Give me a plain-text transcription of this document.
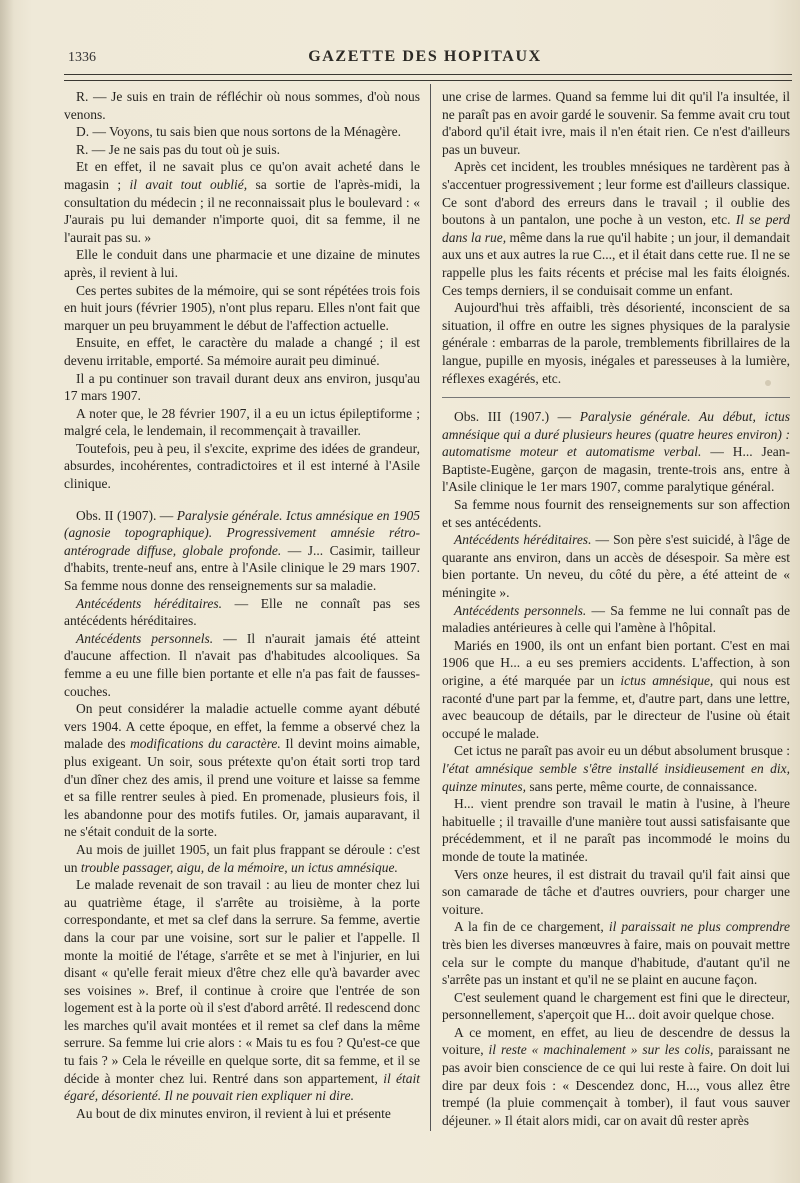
1336	GAZETTE DES HOPITAUX

R. — Je suis en train de réfléchir où nous sommes, d'où nous venons.

D. — Voyons, tu sais bien que nous sortons de la Ménagère.

R. — Je ne sais pas du tout où je suis.

Et en effet, il ne savait plus ce qu'on avait acheté dans le magasin ; il avait tout oublié, sa sortie de l'après-midi, la consultation du médecin ; il ne reconnaissait plus le boulevard : « J'aurais pu lui demander n'importe quoi, dit sa femme, il ne l'aurait pas su. »

Elle le conduit dans une pharmacie et une dizaine de minutes après, il revient à lui.

Ces pertes subites de la mémoire, qui se sont répétées trois fois en huit jours (février 1905), n'ont plus reparu. Elles n'ont fait que marquer un peu bruyamment le début de l'affection actuelle.

Ensuite, en effet, le caractère du malade a changé ; il est devenu irritable, emporté. Sa mémoire aurait peu diminué.

Il a pu continuer son travail durant deux ans environ, jusqu'au 17 mars 1907.

A noter que, le 28 février 1907, il a eu un ictus épileptiforme ; malgré cela, le lendemain, il recommençait à travailler.

Toutefois, peu à peu, il s'excite, exprime des idées de grandeur, absurdes, incohérentes, contradictoires et il est interné à l'Asile clinique.

Obs. II (1907). — Paralysie générale. Ictus amnésique en 1905 (agnosie topographique). Progressivement amnésie rétro-antérograde diffuse, globale profonde. — J... Casimir, tailleur d'habits, trente-neuf ans, entre à l'Asile clinique le 29 mars 1907. Sa femme nous donne des renseignements sur sa maladie.

Antécédents héréditaires. — Elle ne connaît pas ses antécédents héréditaires.

Antécédents personnels. — Il n'aurait jamais été atteint d'aucune affection. Il n'avait pas d'habitudes alcooliques. Sa femme a eu une fille bien portante et elle n'a pas fait de fausses-couches.

On peut considérer la maladie actuelle comme ayant débuté vers 1904. A cette époque, en effet, la femme a observé chez la malade des modifications du caractère. Il devint moins aimable, plus exigeant. Un soir, sous prétexte qu'on était sorti trop tard d'un dîner chez des amis, il prend une voiture et laisse sa femme et sa fille rentrer seules à pied. En promenade, plusieurs fois, il les abandonne pour des motifs futiles. Or, jamais auparavant, il ne s'était conduit de la sorte.

Au mois de juillet 1905, un fait plus frappant se déroule : c'est un trouble passager, aigu, de la mémoire, un ictus amnésique.

Le malade revenait de son travail : au lieu de monter chez lui au quatrième étage, il s'arrête au troisième, à la porte correspondante, et met sa clef dans la serrure. Sa femme, avertie dans la cour par une voisine, sort sur le palier et l'appelle. Il monte la moitié de l'étage, s'arrête et se met à l'injurier, en lui disant « qu'elle ferait mieux d'être chez elle qu'à bavarder avec ses voisines ». Bref, il continue à croire que l'entrée de son logement est à la porte où il s'est d'abord arrêté. Il redescend donc les marches qu'il avait montées et il remet sa clef dans la même serrure. Sa femme lui crie alors : « Mais tu es fou ? Qu'est-ce que tu fais ? » Cela le réveille en quelque sorte, dit sa femme, et il se décide à monter chez lui. Rentré dans son appartement, il était égaré, désorienté. Il ne pouvait rien expliquer ni dire.

Au bout de dix minutes environ, il revient à lui et présente

une crise de larmes. Quand sa femme lui dit qu'il l'a insultée, il ne paraît pas en avoir gardé le souvenir. Sa femme avait cru tout d'abord qu'il était ivre, mais il n'en était rien. Ce n'est d'ailleurs pas un buveur.

Après cet incident, les troubles mnésiques ne tardèrent pas à s'accentuer progressivement ; leur forme est d'ailleurs classique. Ce sont d'abord des erreurs dans le travail ; il oublie des boutons à un pantalon, une poche à un veston, etc. Il se perd dans la rue, même dans la rue qu'il habite ; un jour, il demandait aux uns et aux autres la rue C..., et il était dans cette rue. Il ne se rappelle plus les faits récents et précise mal les faits éloignés. Ces temps derniers, il se conduisait comme un enfant.

Aujourd'hui très affaibli, très désorienté, inconscient de sa situation, il offre en outre les signes physiques de la paralysie générale : embarras de la parole, tremblements fibrillaires de la langue, pupille en myosis, inégales et paresseuses à la lumière, réflexes exagérés, etc.

Obs. III (1907.) — Paralysie générale. Au début, ictus amnésique qui a duré plusieurs heures (quatre heures environ) : automatisme moteur et automatisme verbal. — H... Jean-Baptiste-Eugène, garçon de magasin, trente-trois ans, entre à l'Asile clinique le 1er mars 1907, comme paralytique général.

Sa femme nous fournit des renseignements sur son affection et ses antécédents.

Antécédents héréditaires. — Son père s'est suicidé, à l'âge de quarante ans environ, dans un accès de désespoir. Sa mère est bien portante. Un neveu, du côté du père, a été atteint de « méningite ».

Antécédents personnels. — Sa femme ne lui connaît pas de maladies antérieures à celle qui l'amène à l'hôpital.

Mariés en 1900, ils ont un enfant bien portant. C'est en mai 1906 que H... a eu ses premiers accidents. L'affection, à son origine, a été marquée par un ictus amnésique, qui nous est raconté d'une part par la femme, et, d'autre part, dans une lettre, avec beaucoup de détails, par le directeur de l'usine où était occupé le malade.

Cet ictus ne paraît pas avoir eu un début absolument brusque : l'état amnésique semble s'être installé insidieusement en dix, quinze minutes, sans perte, même courte, de connaissance.

H... vient prendre son travail le matin à l'usine, à l'heure habituelle ; il travaille d'une manière tout aussi satisfaisante que précédemment, et il ne paraît pas incommodé le moins du monde de toute la matinée.

Vers onze heures, il est distrait du travail qu'il fait ainsi que son camarade de tâche et d'autres ouvriers, pour charger une voiture.

A la fin de ce chargement, il paraissait ne plus comprendre très bien les diverses manœuvres à faire, mais on pouvait mettre cela sur le compte du manque d'habitude, d'autant qu'il ne s'arrête pas un instant et qu'il ne se plaint en aucune façon.

C'est seulement quand le chargement est fini que le directeur, personnellement, s'aperçoit que H... doit avoir quelque chose.

A ce moment, en effet, au lieu de descendre de dessus la voiture, il reste « machinalement » sur les colis, paraissant ne pas avoir bien conscience de ce qui lui reste à faire. On doit lui dire par deux fois : « Descendez donc, H..., vous allez être trempé (la pluie commençait à tomber), il faut vous sauver déjeuner. » Il était alors midi, car on avait dû rester après
